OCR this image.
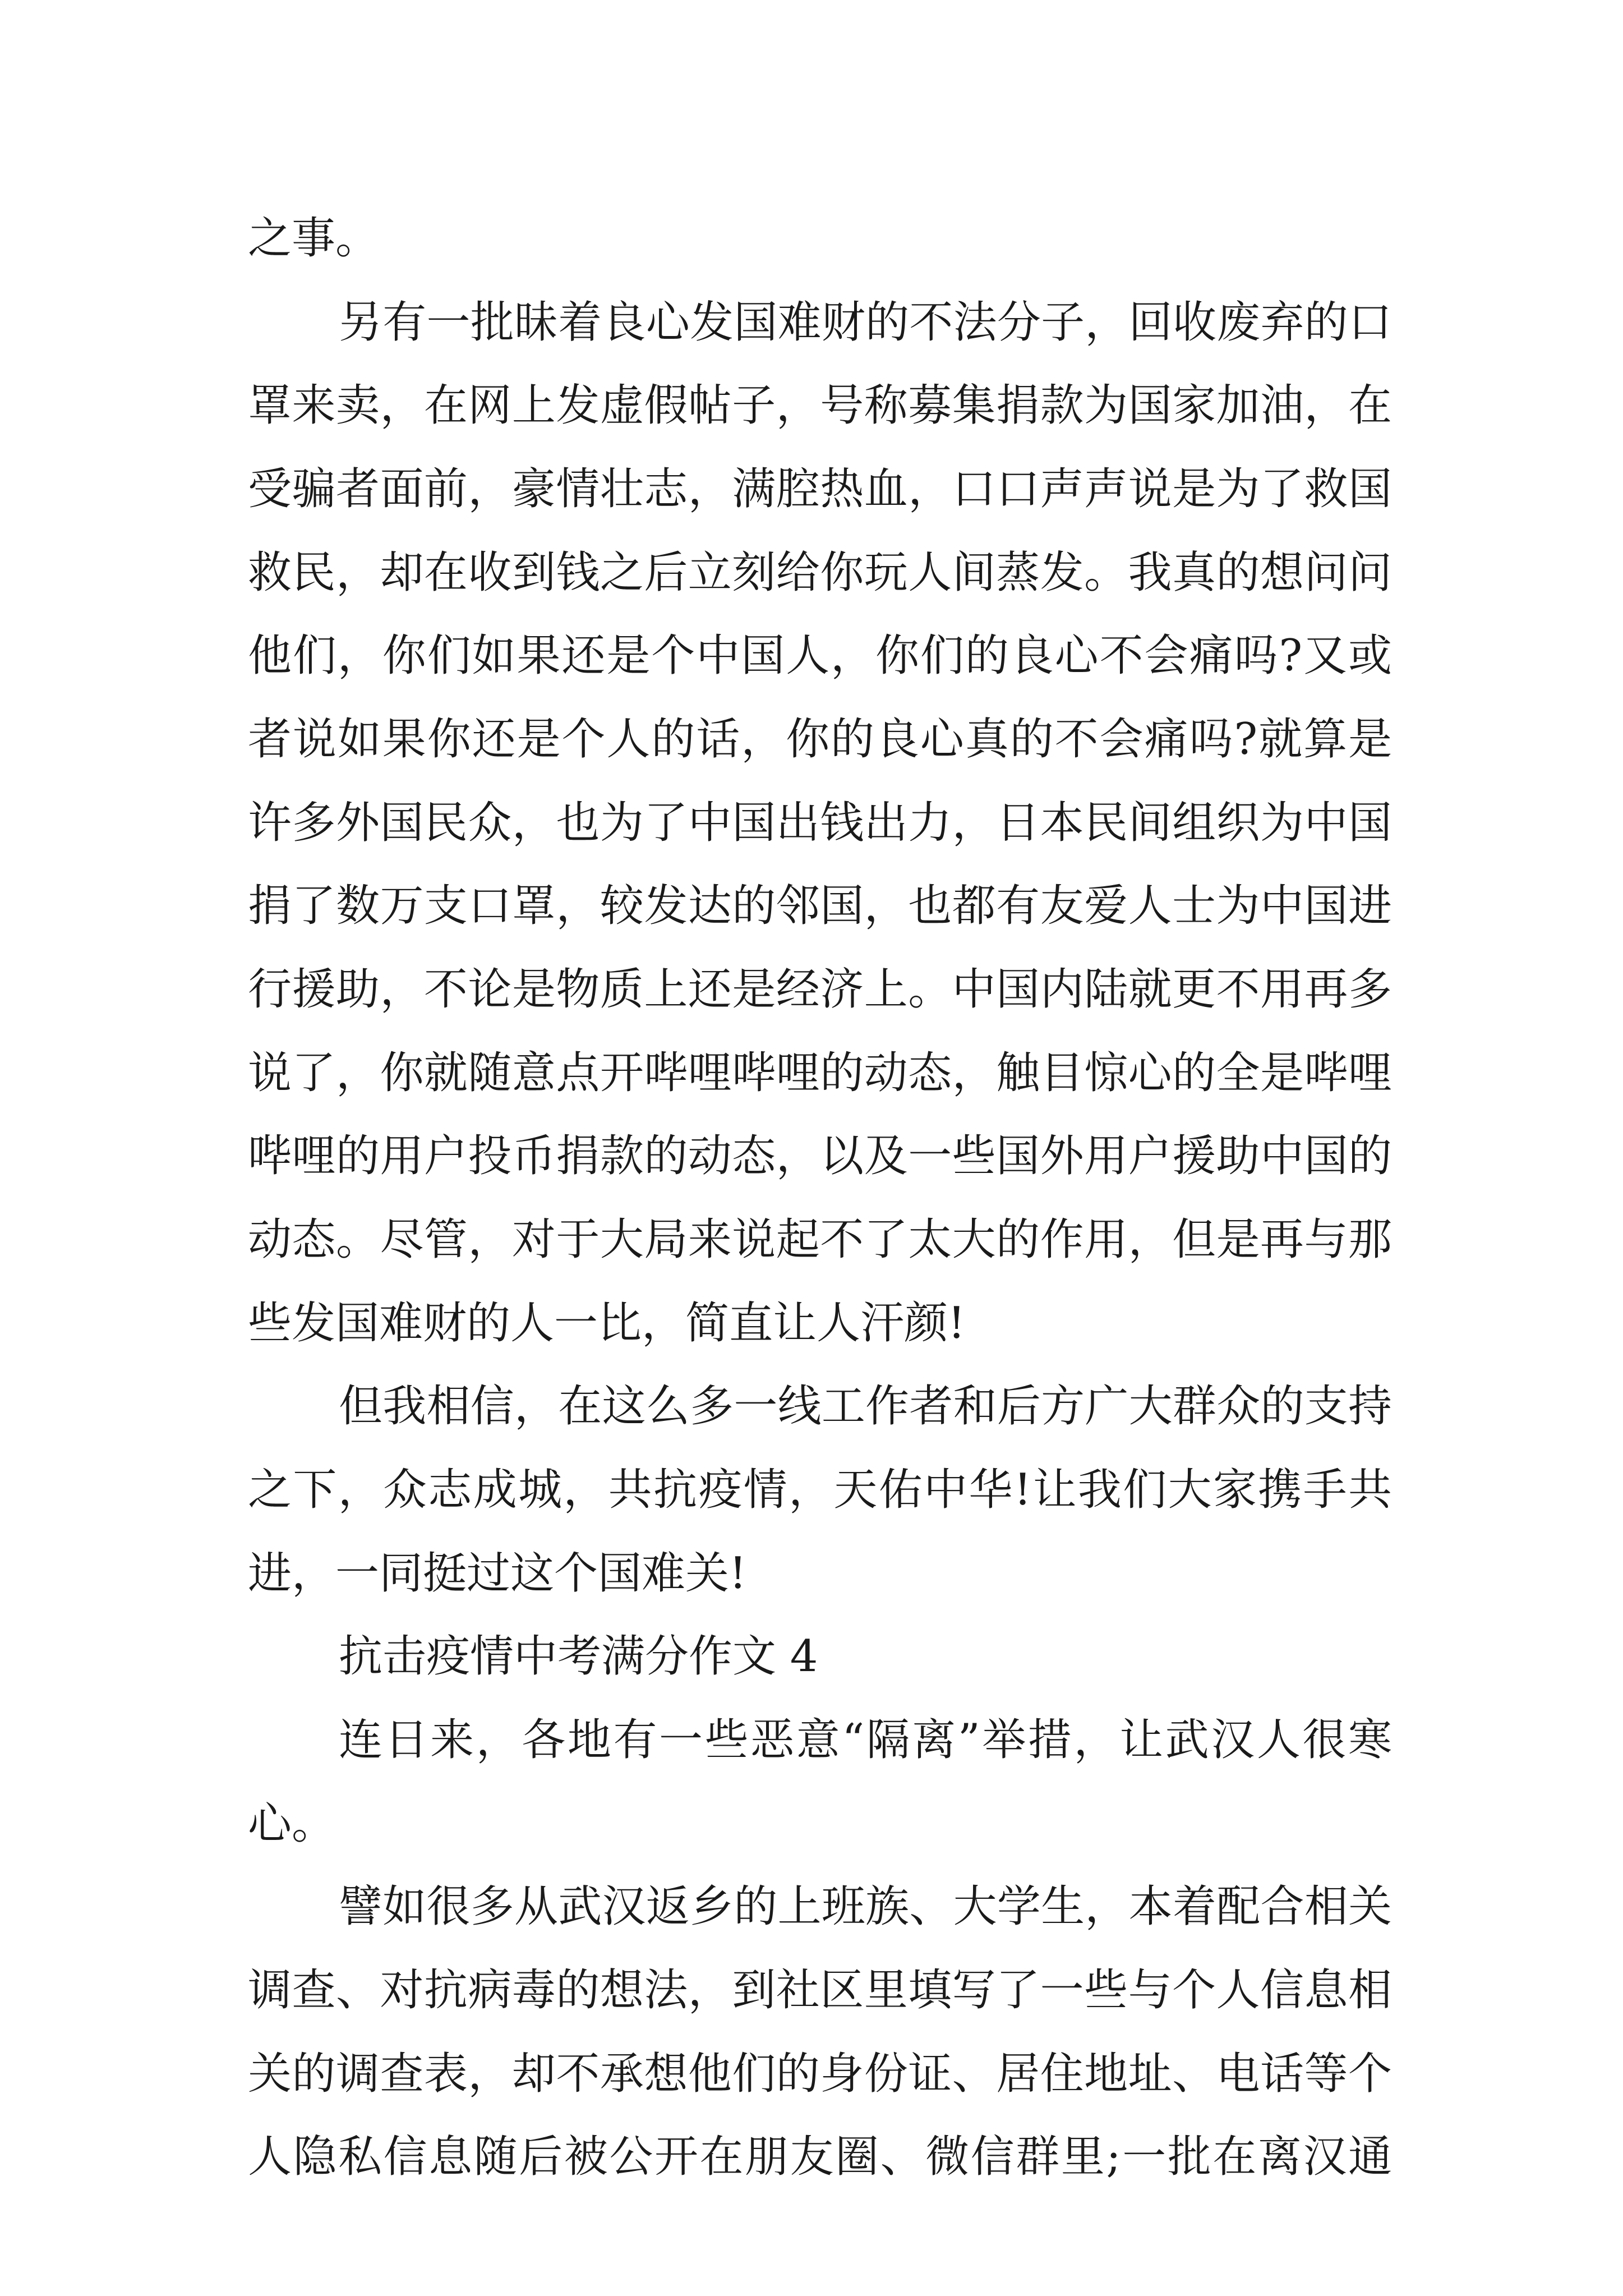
之事。
另有一批昧着良心发国难财的不法分子，回收废弃的口
罩来卖，在网上发虚假帖子，号称募集捐款为国家加油，在
受骗者面前，豪情壮志，满腔热血，口口声声说是为了救国
救民，却在收到钱之后立刻给你玩人间蒸发。我真的想问问
他们，你们如果还是个中国人，你们的良心不会痛吗?又或
者说如果你还是个人的话，你的良心真的不会痛吗?就算是
许多外国民众，也为了中国出钱出力，日本民间组织为中国
捐了数万支口罩，较发达的邻国，也都有友爱人士为中国进
行援助，不论是物质上还是经济上。中国内陆就更不用再多
说了，你就随意点开哔哩哔哩的动态，触目惊心的全是哔哩
哔哩的用户投币捐款的动态，以及一些国外用户援助中国的
动态。尽管，对于大局来说起不了太大的作用，但是再与那
些发国难财的人一比，简直让人汗颜!
但我相信，在这么多一线工作者和后方广大群众的支持
之下，众志成城，共抗疫情，天佑中华!让我们大家携手共
进，一同挺过这个国难关!
抗击疫情中考满分作文 4
连日来，各地有一些恶意“隔离”举措，让武汉人很寒
心。
譬如很多从武汉返乡的上班族、大学生，本着配合相关
调查、对抗病毒的想法，到社区里填写了一些与个人信息相
关的调查表，却不承想他们的身份证、居住地址、电话等个
人隐私信息随后被公开在朋友圈、微信群里;一批在离汉通
